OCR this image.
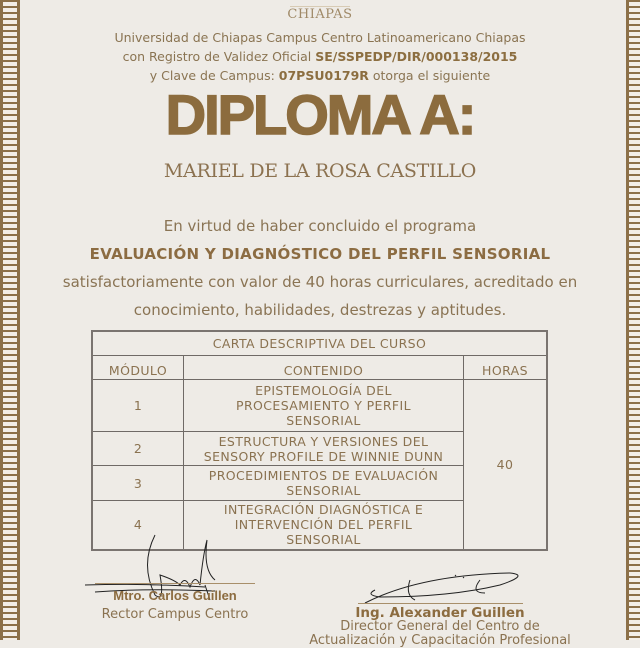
CHIAPAS
Universidad de Chiapas Campus Centro Latinoamericano Chiapas
con Registro de Validez Oficial SE/SSPEDP/DIR/000138/2015
y Clave de Campus: 07PSU0179R otorga el siguiente
DIPLOMA A:
MARIEL DE LA ROSA CASTILLO
En virtud de haber concluido el programa
EVALUACIÓN Y DIAGNÓSTICO DEL PERFIL SENSORIAL
satisfactoriamente con valor de 40 horas curriculares, acreditado en
conocimiento, habilidades, destrezas y aptitudes.
CARTA DESCRIPTIVA DEL CURSO		
MÓDULO	CONTENIDO	HORAS
1	EPISTEMOLOGÍA DEL PROCESAMIENTO Y PERFIL SENSORIAL	40
2	ESTRUCTURA Y VERSIONES DEL SENSORY PROFILE DE WINNIE DUNN	
3	PROCEDIMIENTOS DE EVALUACIÓN SENSORIAL	
4	INTEGRACIÓN DIAGNÓSTICA E INTERVENCIÓN DEL PERFIL SENSORIAL	
Mtro. Carlos Guillen
Rector Campus Centro	Ing. Alexander Guillen
Director General del Centro de
Actualización y Capacitación Profesional
